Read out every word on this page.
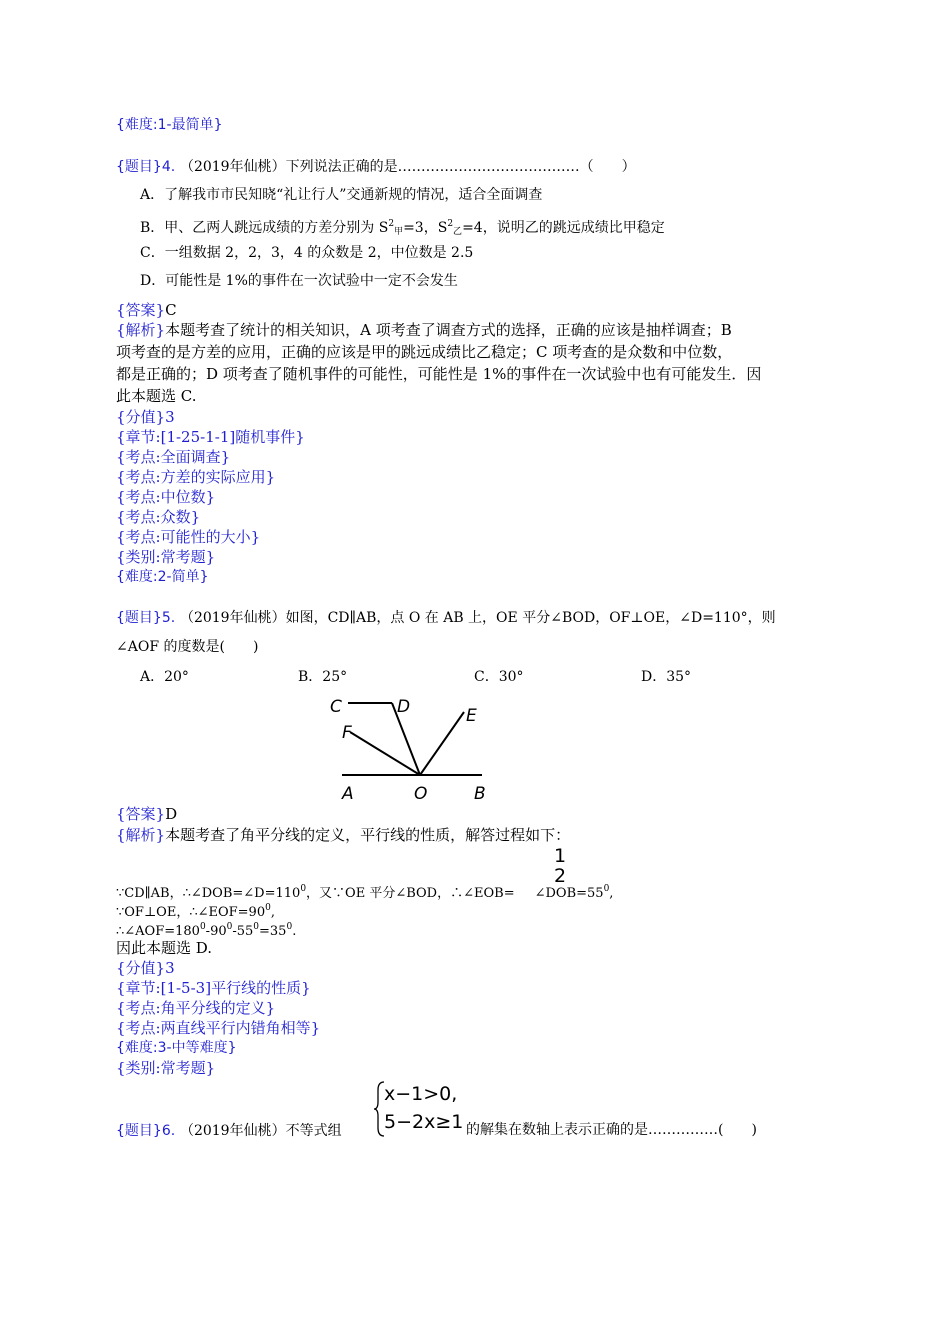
{难度:1-最简单}
{题目}4. （2019年仙桃）下列说法正确的是…………………………………（　　）
A．了解我市市民知晓“礼让行人”交通新规的情况，适合全面调查
B．甲、乙两人跳远成绩的方差分别为 $S^2_甲=3$，$S^2_乙=4$，说明乙的跳远成绩比甲稳定
C．一组数据 2，2，3，4 的众数是 2，中位数是 2.5
D．可能性是 1%的事件在一次试验中一定不会发生
{答案}C
{解析}本题考查了统计的相关知识，A 项考查了调查方式的选择，正确的应该是抽样调查；B
项考查的是方差的应用，正确的应该是甲的跳远成绩比乙稳定；C 项考查的是众数和中位数，
都是正确的；D 项考查了随机事件的可能性，可能性是 1%的事件在一次试验中也有可能发生．因
此本题选 C.
{分值}3
{章节:[1-25-1-1]随机事件}
{考点:全面调查}
{考点:方差的实际应用}
{考点:中位数}
{考点:众数}
{考点:可能性的大小}
{类别:常考题}
{难度:2-简单}
{题目}5. （2019年仙桃）如图，CD∥AB，点 O 在 AB 上，OE 平分∠BOD，OF⊥OE，∠D=110°，则
∠AOF 的度数是(　　)
A．20°	B．25°	C．30°	D．35°
C	D	E
F
A	O	B
{答案}D
{解析}本题考查了角平分线的定义，平行线的性质，解答过程如下：
1
2
∵CD∥AB，$\therefore\angle DOB=\angle D=110^0$，又∵OE 平分∠BOD，∴∠EOB= $\angle DOB=55^0$,
∵OF⊥OE，$\therefore\angle EOF=90^0$,
$\therefore\angle AOF=180^0-90^0-55^0=35^0$.
因此本题选 D.
{分值}3
{章节:[1-5-3]平行线的性质}
{考点:角平分线的定义}
{考点:两直线平行内错角相等}
{难度:3-中等难度}
{类别:常考题}
{题目}6. （2019年仙桃）不等式组
x−1>0,
5−2x≥1 的解集在数轴上表示正确的是……………(　　)
